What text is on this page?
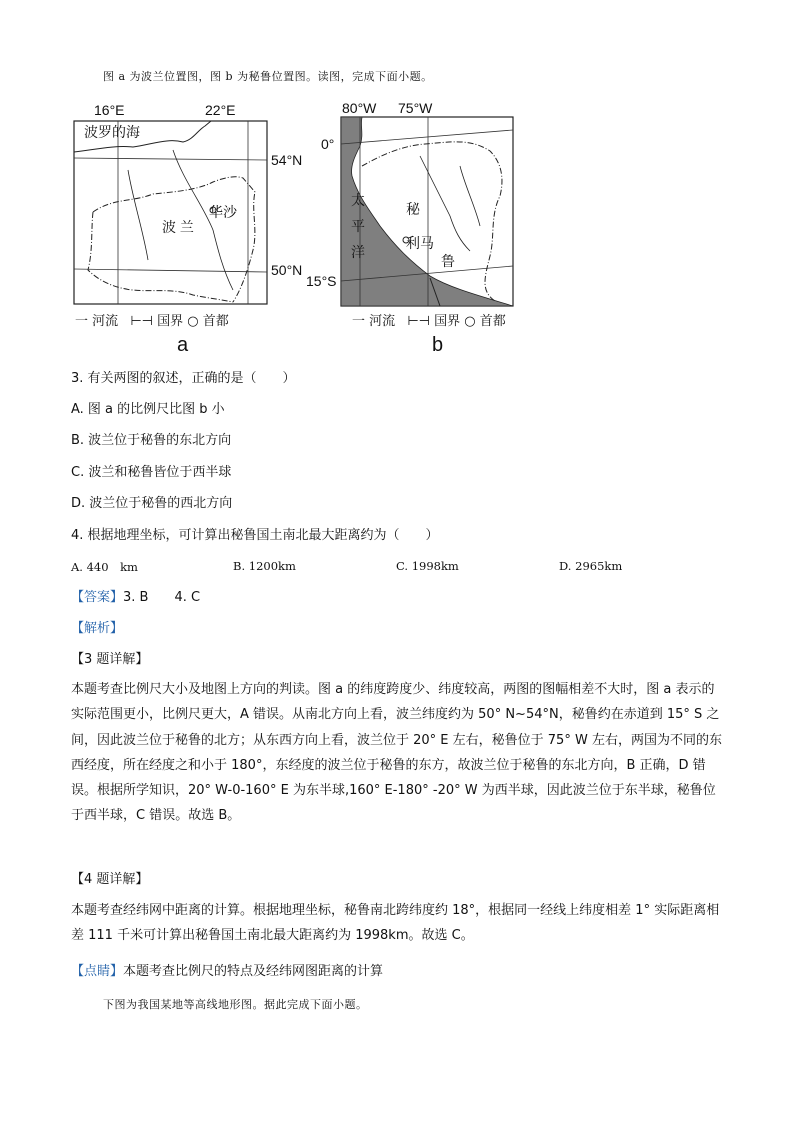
图 a 为波兰位置图，图 b 为秘鲁位置图。读图，完成下面小题。
16°E	22°E
波罗的海
波 兰
华沙
54°N
50°N
一 河流 ⊢⊣ 国界 ○ 首都
a
80°W 75°W
0°
15°S
太
平
洋
秘
鲁
利马
一 河流 ⊢⊣ 国界 ○ 首都
b
3. 有关两图的叙述，正确的是（　　）
A. 图 a 的比例尺比图 b 小
B. 波兰位于秘鲁的东北方向
C. 波兰和秘鲁皆位于西半球
D. 波兰位于秘鲁的西北方向
4. 根据地理坐标，可计算出秘鲁国土南北最大距离约为（　　）
A. 440　km	B. 1200km	C. 1998km	D. 2965km
【答案】3. B　　4. C
【解析】
【3 题详解】
本题考查比例尺大小及地图上方向的判读。图 a 的纬度跨度少、纬度较高，两图的图幅相差不大时，图 a 表示的实际范围更小，比例尺更大，A 错误。从南北方向上看，波兰纬度约为 50° N~54°N，秘鲁约在赤道到 15° S 之间，因此波兰位于秘鲁的北方；从东西方向上看，波兰位于 20° E 左右，秘鲁位于 75° W 左右，两国为不同的东西经度，所在经度之和小于 180°，东经度的波兰位于秘鲁的东方，故波兰位于秘鲁的东北方向，B 正确，D 错误。根据所学知识，20° W-0-160° E 为东半球,160° E-180° -20° W 为西半球，因此波兰位于东半球，秘鲁位于西半球，C 错误。故选 B。
【4 题详解】
本题考查经纬网中距离的计算。根据地理坐标，秘鲁南北跨纬度约 18°，根据同一经线上纬度相差 1° 实际距离相差 111 千米可计算出秘鲁国土南北最大距离约为 1998km。故选 C。
【点睛】本题考查比例尺的特点及经纬网图距离的计算
下图为我国某地等高线地形图。据此完成下面小题。
